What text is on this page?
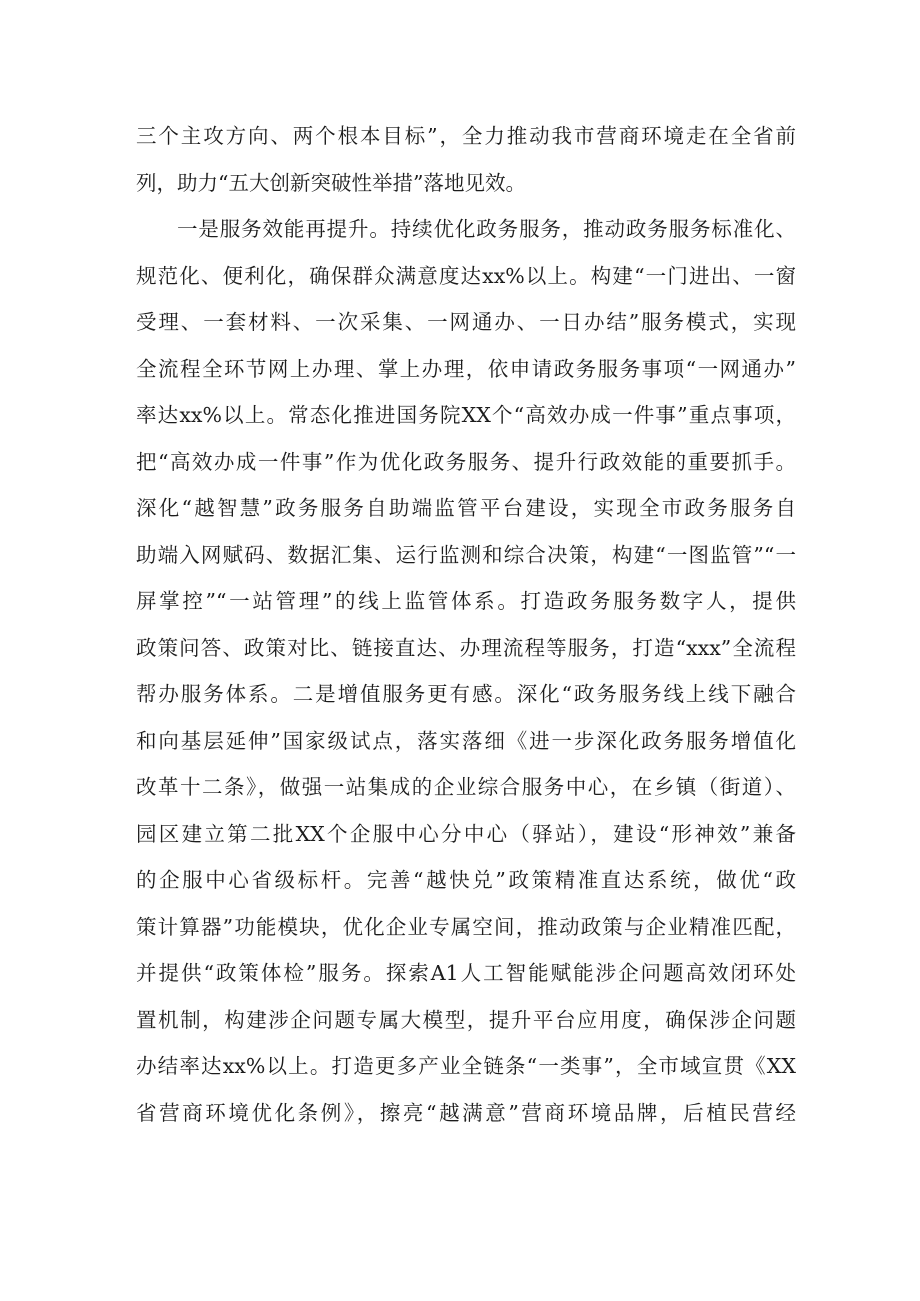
三个主攻方向、两个根本目标”，全力推动我市营商环境走在全省前
列，助力“五大创新突破性举措”落地见效。
一是服务效能再提升。持续优化政务服务，推动政务服务标准化、
规范化、便利化，确保群众满意度达xx%以上。构建“一门进出、一窗
受理、一套材料、一次采集、一网通办、一日办结”服务模式，实现
全流程全环节网上办理、掌上办理，依申请政务服务事项“一网通办”
率达xx%以上。常态化推进国务院XX个“高效办成一件事”重点事项，
把“高效办成一件事”作为优化政务服务、提升行政效能的重要抓手。
深化“越智慧”政务服务自助端监管平台建设，实现全市政务服务自
助端入网赋码、数据汇集、运行监测和综合决策，构建“一图监管”“一
屏掌控”“一站管理”的线上监管体系。打造政务服务数字人，提供
政策问答、政策对比、链接直达、办理流程等服务，打造“xxx”全流程
帮办服务体系。二是增值服务更有感。深化“政务服务线上线下融合
和向基层延伸”国家级试点，落实落细《进一步深化政务服务增值化
改革十二条》，做强一站集成的企业综合服务中心，在乡镇（街道）、
园区建立第二批XX个企服中心分中心（驿站），建设“形神效”兼备
的企服中心省级标杆。完善“越快兑”政策精准直达系统，做优“政
策计算器”功能模块，优化企业专属空间，推动政策与企业精准匹配，
并提供“政策体检”服务。探索A1人工智能赋能涉企问题高效闭环处
置机制，构建涉企问题专属大模型，提升平台应用度，确保涉企问题
办结率达xx%以上。打造更多产业全链条“一类事”，全市域宣贯《XX
省营商环境优化条例》，擦亮“越满意”营商环境品牌，后植民营经
